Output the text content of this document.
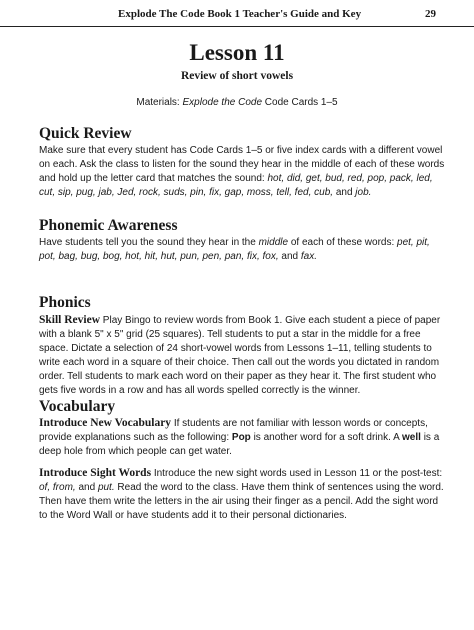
Explode The Code Book 1 Teacher's Guide and Key	29
Lesson 11
Review of short vowels
Materials: Explode the Code Code Cards 1–5
Quick Review
Make sure that every student has Code Cards 1–5 or five index cards with a different vowel on each. Ask the class to listen for the sound they hear in the middle of each of these words and hold up the letter card that matches the sound: hot, did, get, bud, red, pop, pack, led, cut, sip, pug, jab, Jed, rock, suds, pin, fix, gap, moss, tell, fed, cub, and job.
Phonemic Awareness
Have students tell you the sound they hear in the middle of each of these words: pet, pit, pot, bag, bug, bog, hot, hit, hut, pun, pen, pan, fix, fox, and fax.
Phonics
Skill Review Play Bingo to review words from Book 1. Give each student a piece of paper with a blank 5" x 5" grid (25 squares). Tell students to put a star in the middle for a free space. Dictate a selection of 24 short-vowel words from Lessons 1–11, telling students to write each word in a square of their choice. Then call out the words you dictated in random order. Tell students to mark each word on their paper as they hear it. The first student who gets five words in a row and has all words spelled correctly is the winner.
Vocabulary
Introduce New Vocabulary If students are not familiar with lesson words or concepts, provide explanations such as the following: Pop is another word for a soft drink. A well is a deep hole from which people can get water.
Introduce Sight Words Introduce the new sight words used in Lesson 11 or the post-test: of, from, and put. Read the word to the class. Have them think of sentences using the word. Then have them write the letters in the air using their finger as a pencil. Add the sight word to the Word Wall or have students add it to their personal dictionaries.
